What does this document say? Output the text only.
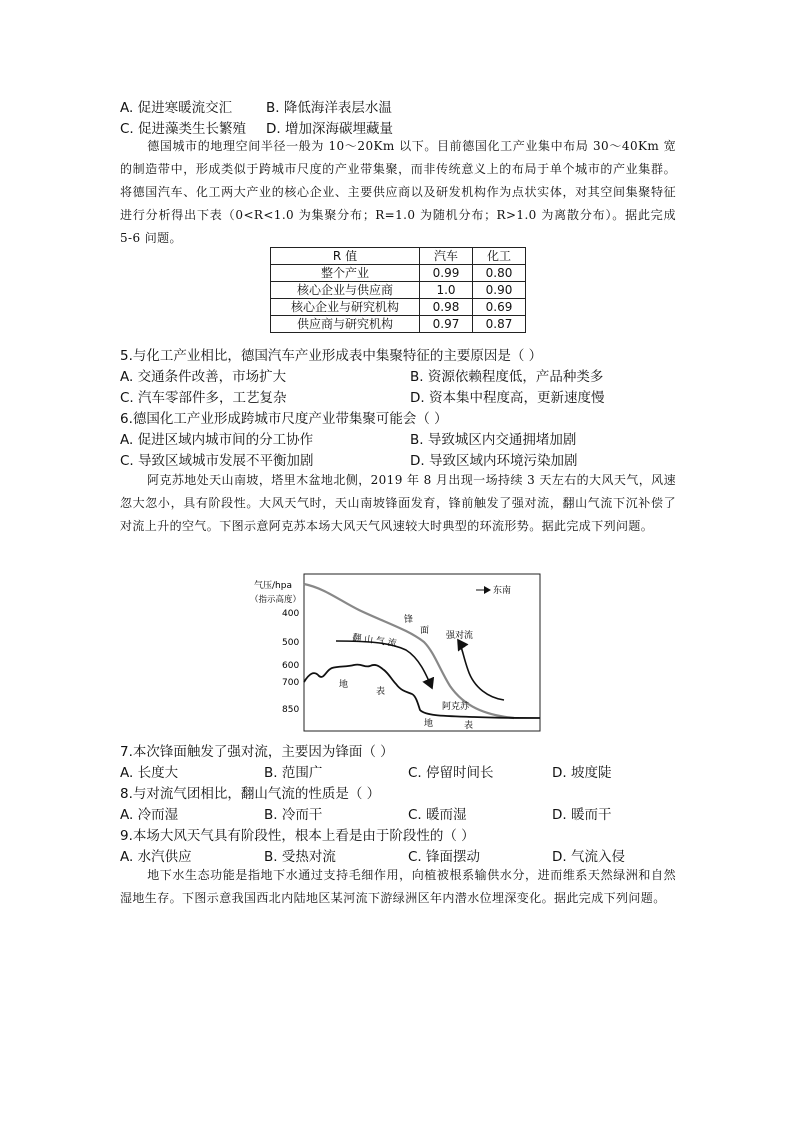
A. 促进寒暖流交汇	B. 降低海洋表层水温
C. 促进藻类生长繁殖 D. 增加深海碳埋藏量
德国城市的地理空间半径一般为 10～20Km 以下。目前德国化工产业集中布局 30～40Km 宽的制造带中，形成类似于跨城市尺度的产业带集聚，而非传统意义上的布局于单个城市的产业集群。将德国汽车、化工两大产业的核心企业、主要供应商以及研发机构作为点状实体，对其空间集聚特征进行分析得出下表（0<R<1.0 为集聚分布；R=1.0 为随机分布；R>1.0 为离散分布）。据此完成 5-6 问题。
R 值	汽车	化工
整个产业	0.99	0.80
核心企业与供应商	1.0	0.90
核心企业与研究机构	0.98	0.69
供应商与研究机构	0.97	0.87
5.与化工产业相比，德国汽车产业形成表中集聚特征的主要原因是（ ）
A. 交通条件改善，市场扩大	B. 资源依赖程度低，产品种类多
C. 汽车零部件多，工艺复杂	D. 资本集中程度高，更新速度慢
6.德国化工产业形成跨城市尺度产业带集聚可能会（ ）
A. 促进区域内城市间的分工协作	B. 导致城区内交通拥堵加剧
C. 导致区域城市发展不平衡加剧	D. 导致区域内环境污染加剧
阿克苏地处天山南坡，塔里木盆地北侧，2019 年 8 月出现一场持续 3 天左右的大风天气，风速忽大忽小，具有阶段性。大风天气时，天山南坡锋面发育，锋前触发了强对流，翻山气流下沉补偿了对流上升的空气。下图示意阿克苏本场大风天气风速较大时典型的环流形势。据此完成下列问题。
气压/hpa
（指示高度）
400
500
600
700
850
东南
锋
面 强对流
翻 山 气 流
地
表
阿克苏
地	表
7.本次锋面触发了强对流，主要因为锋面（ ）
A. 长度大	B. 范围广	C. 停留时间长	D. 坡度陡
8.与对流气团相比，翻山气流的性质是（ ）
A. 冷而湿	B. 冷而干	C. 暖而湿	D. 暖而干
9.本场大风天气具有阶段性，根本上看是由于阶段性的（ ）
A. 水汽供应	B. 受热对流	C. 锋面摆动	D. 气流入侵
地下水生态功能是指地下水通过支持毛细作用，向植被根系输供水分，进而维系天然绿洲和自然湿地生存。下图示意我国西北内陆地区某河流下游绿洲区年内潜水位埋深变化。据此完成下列问题。
